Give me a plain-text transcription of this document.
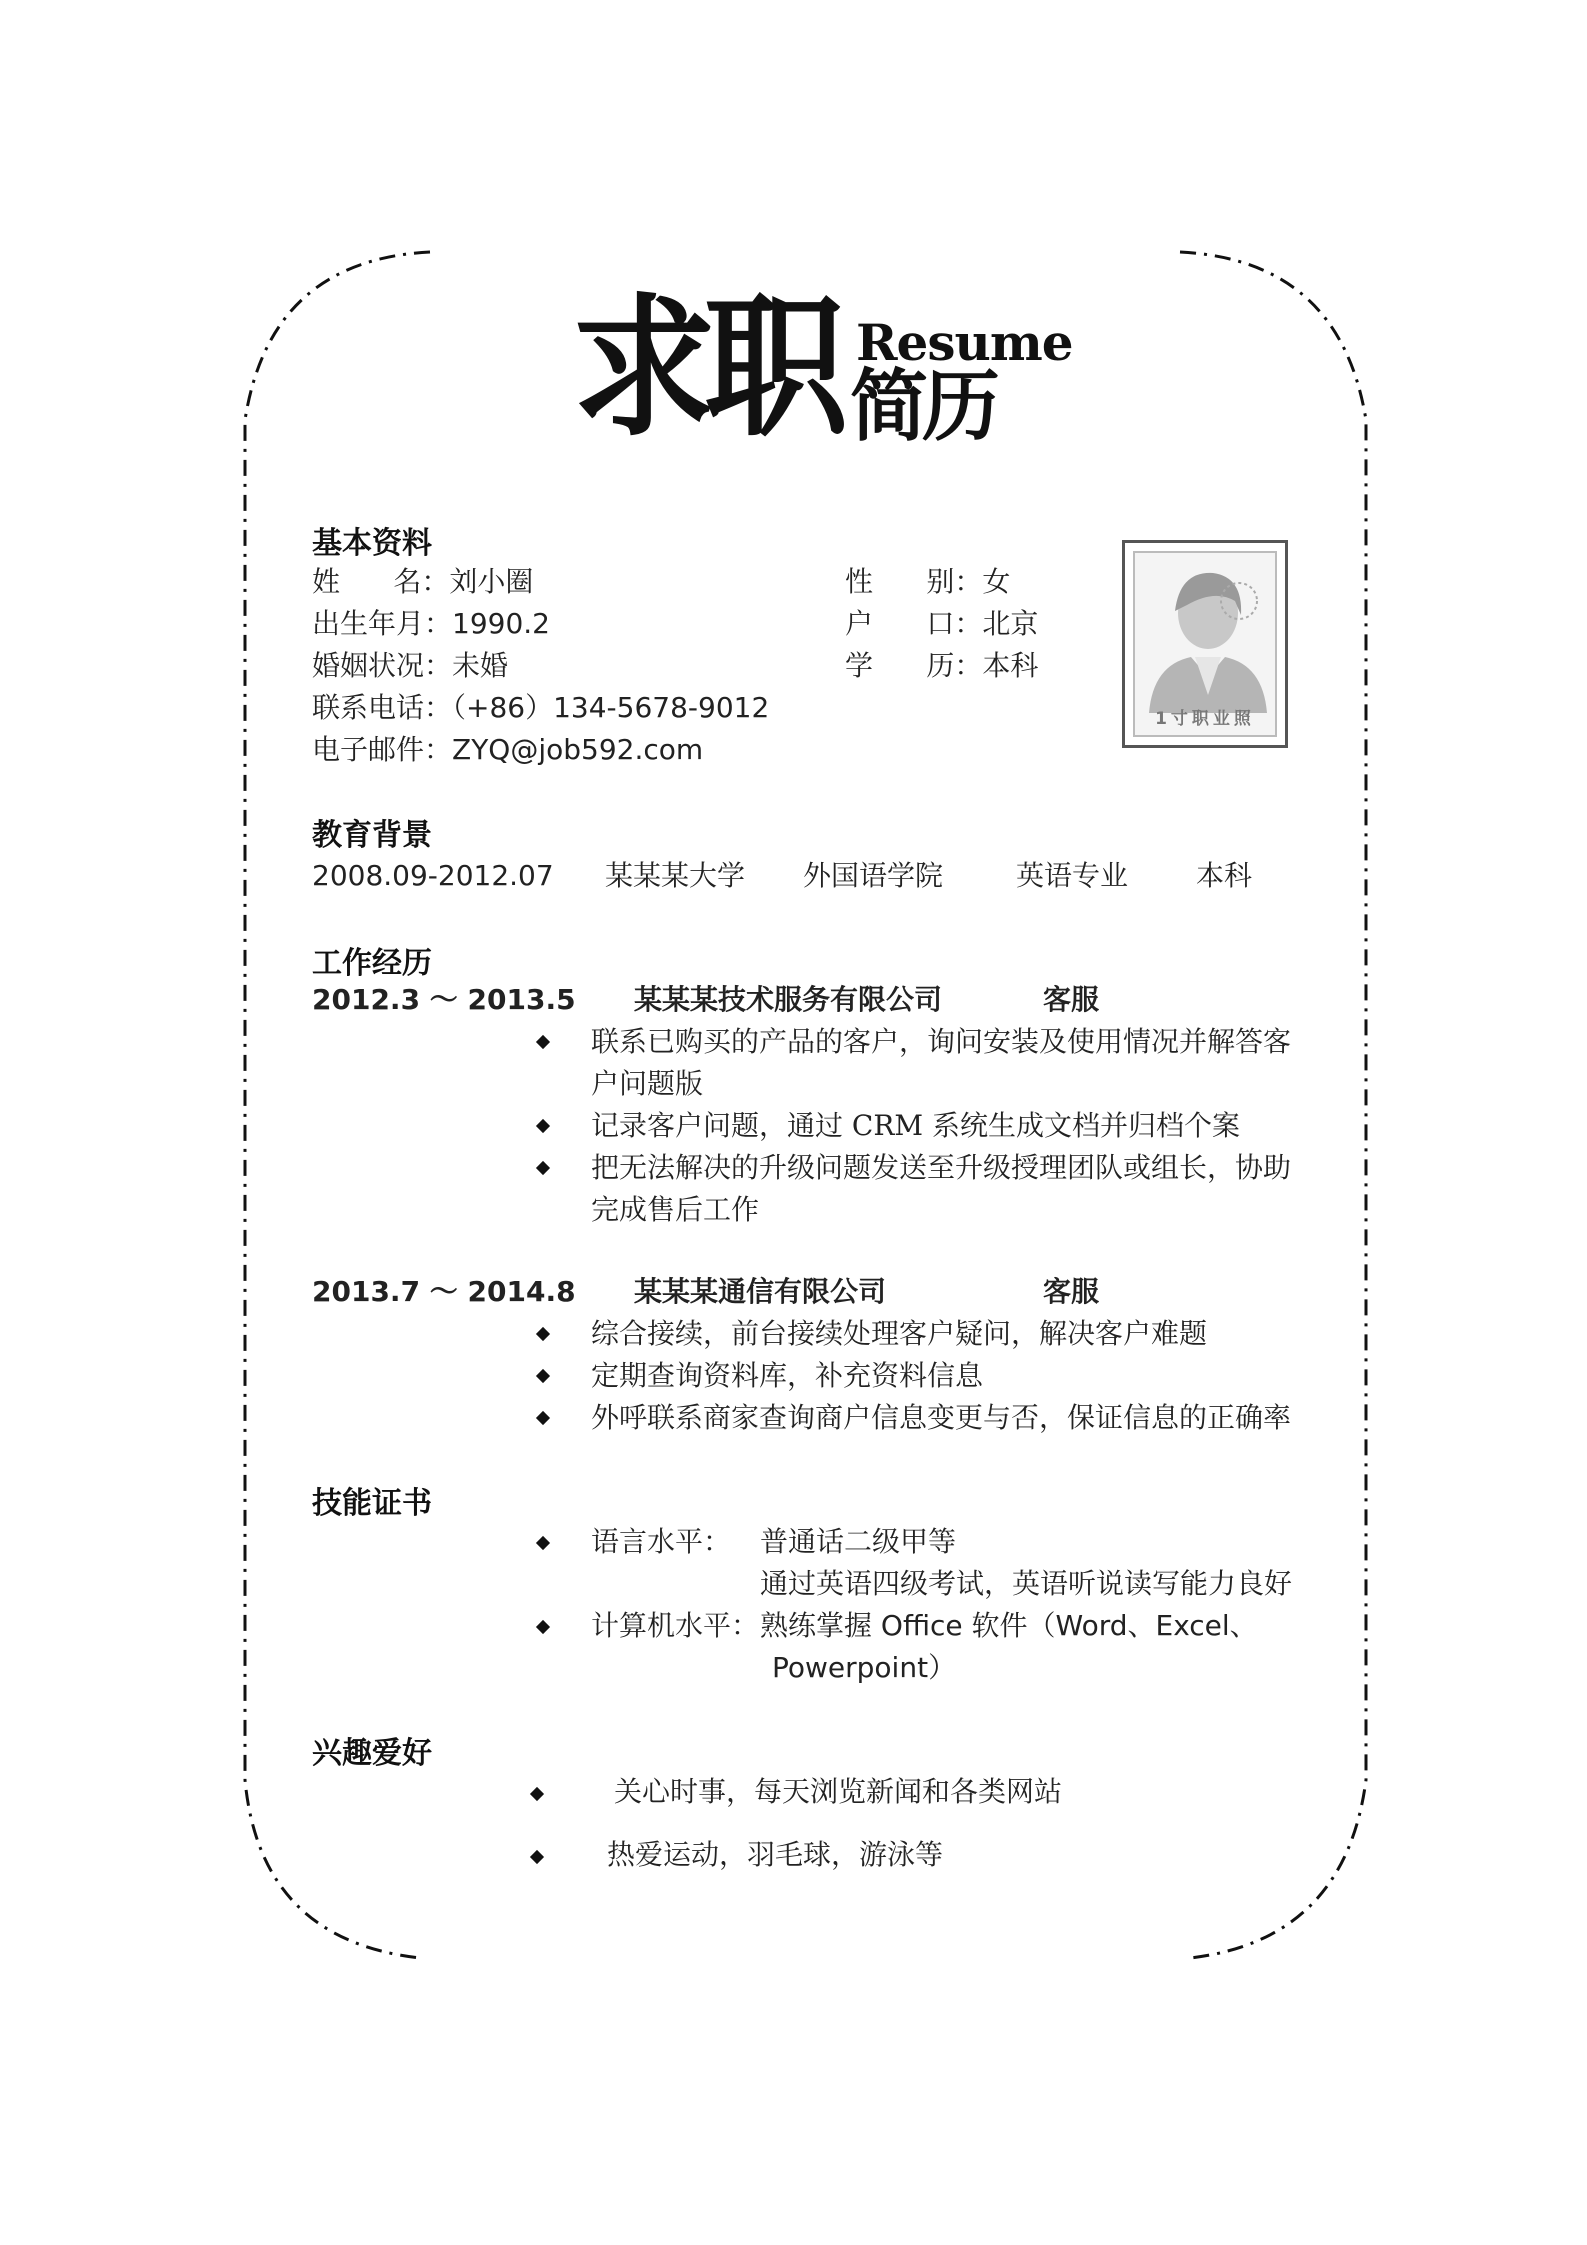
求职 Resume
简历
基本资料
姓      名：刘小圈	性      别：女
出生年月：1990.2	户      口：北京
婚姻状况：未婚	学      历：本科
联系电话：（+86）134-5678-9012
电子邮件：ZYQ@job592.com
1寸职业照
教育背景
2008.09-2012.07 某某某大学 外国语学院	英语专业 本科
工作经历
2012.3 ～ 2013.5 某某某技术服务有限公司	客服
联系已购买的产品的客户，询问安装及使用情况并解答客
户问题版
记录客户问题，通过 CRM 系统生成文档并归档个案
把无法解决的升级问题发送至升级授理团队或组长，协助
完成售后工作
2013.7 ～ 2014.8 某某某通信有限公司	客服
综合接续，前台接续处理客户疑问，解决客户难题
定期查询资料库，补充资料信息
外呼联系商家查询商户信息变更与否，保证信息的正确率
技能证书
语言水平： 普通话二级甲等
通过英语四级考试，英语听说读写能力良好
计算机水平： 熟练掌握 Office 软件（Word、Excel、
Powerpoint）
兴趣爱好
关心时事，每天浏览新闻和各类网站
热爱运动，羽毛球，游泳等
